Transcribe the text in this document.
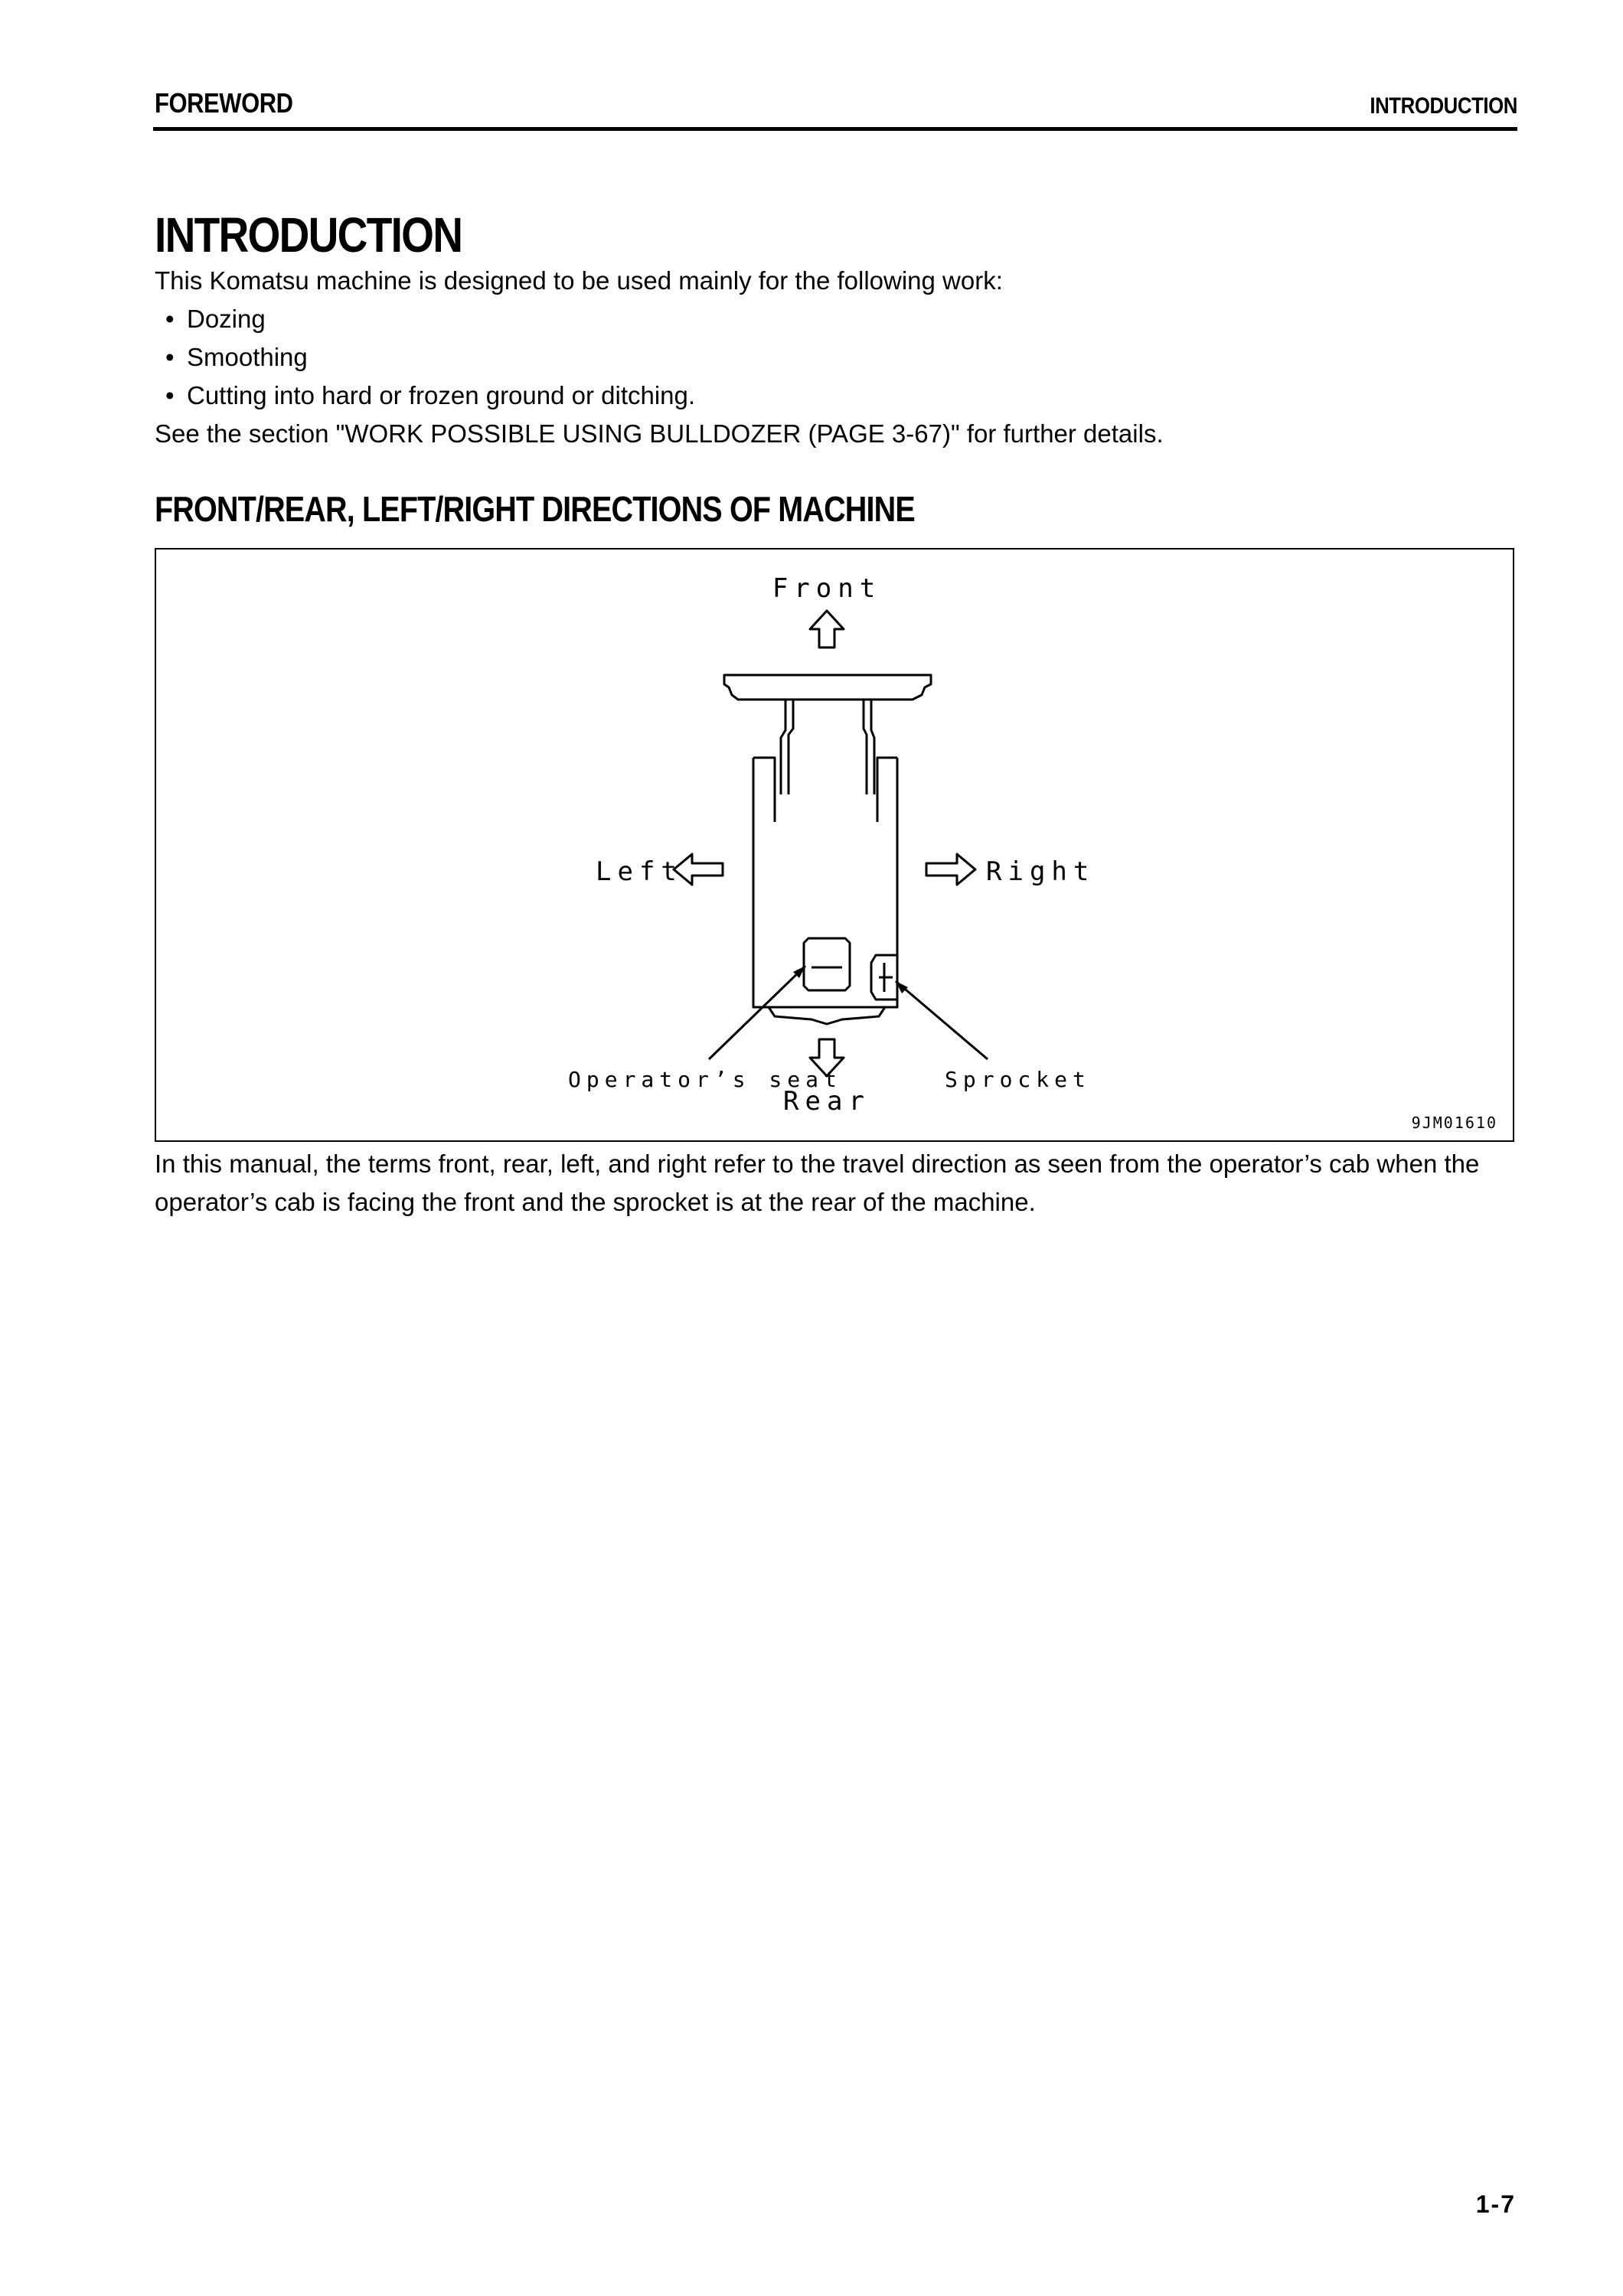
FOREWORD	INTRODUCTION
INTRODUCTION

This Komatsu machine is designed to be used mainly for the following work:

• Dozing
• Smoothing
• Cutting into hard or frozen ground or ditching.

See the section "WORK POSSIBLE USING BULLDOZER (PAGE 3-67)" for further details.

FRONT/REAR, LEFT/RIGHT DIRECTIONS OF MACHINE
Front
Rear
Left	Right
Operator’s seat	Sprocket
9JM01610

In this manual, the terms front, rear, left, and right refer to the travel direction as seen from the operator’s cab when the operator’s cab is facing the front and the sprocket is at the rear of the machine.

1-7
